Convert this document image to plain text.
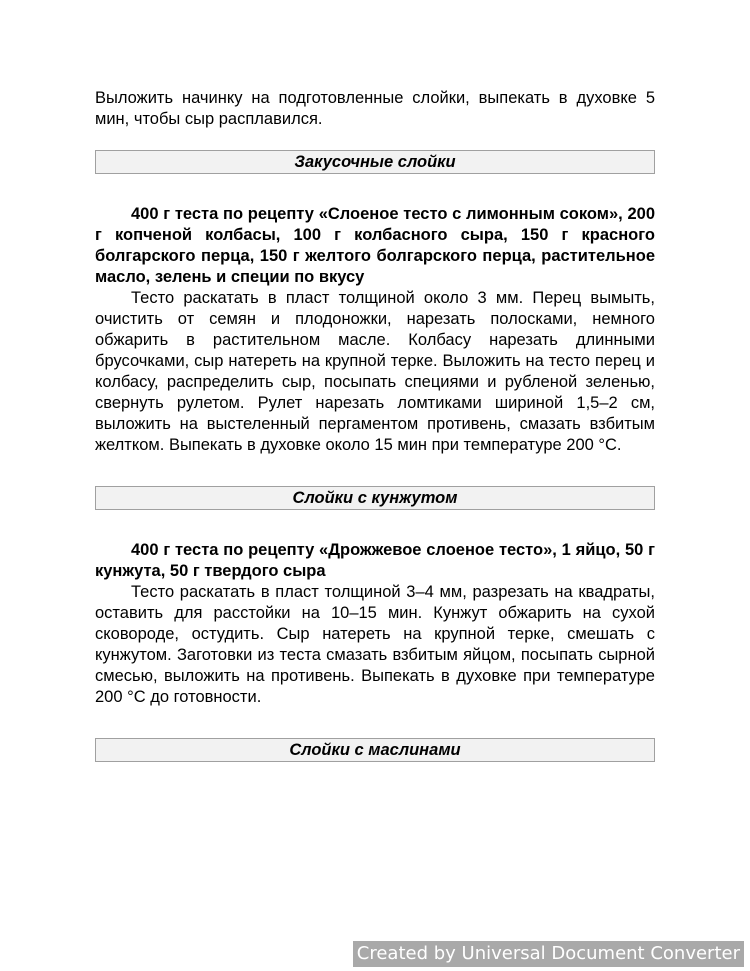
Выложить начинку на подготовленные слойки, выпекать в духовке 5 мин, чтобы сыр расплавился.

Закусочные слойки

400 г теста по рецепту «Слоеное тесто с лимонным соком», 200 г копченой колбасы, 100 г колбасного сыра, 150 г красного болгарского перца, 150 г желтого болгарского перца, растительное масло, зелень и специи по вкусу

Тесто раскатать в пласт толщиной около 3 мм. Перец вымыть, очистить от семян и плодоножки, нарезать полосками, немного обжарить в растительном масле. Колбасу нарезать длинными брусочками, сыр натереть на крупной терке. Выложить на тесто перец и колбасу, распределить сыр, посыпать специями и рубленой зеленью, свернуть рулетом. Рулет нарезать ломтиками шириной 1,5–2 см, выложить на выстеленный пергаментом противень, смазать взбитым желтком. Выпекать в духовке около 15 мин при температуре 200 °С.

Слойки с кунжутом

400 г теста по рецепту «Дрожжевое слоеное тесто», 1 яйцо, 50 г кунжута, 50 г твердого сыра

Тесто раскатать в пласт толщиной 3–4 мм, разрезать на квадраты, оставить для расстойки на 10–15 мин. Кунжут обжарить на сухой сковороде, остудить. Сыр натереть на крупной терке, смешать с кунжутом. Заготовки из теста смазать взбитым яйцом, посыпать сырной смесью, выложить на противень. Выпекать в духовке при температуре 200 °С до готовности.

Слойки с маслинами
Created by Universal Document Converter
